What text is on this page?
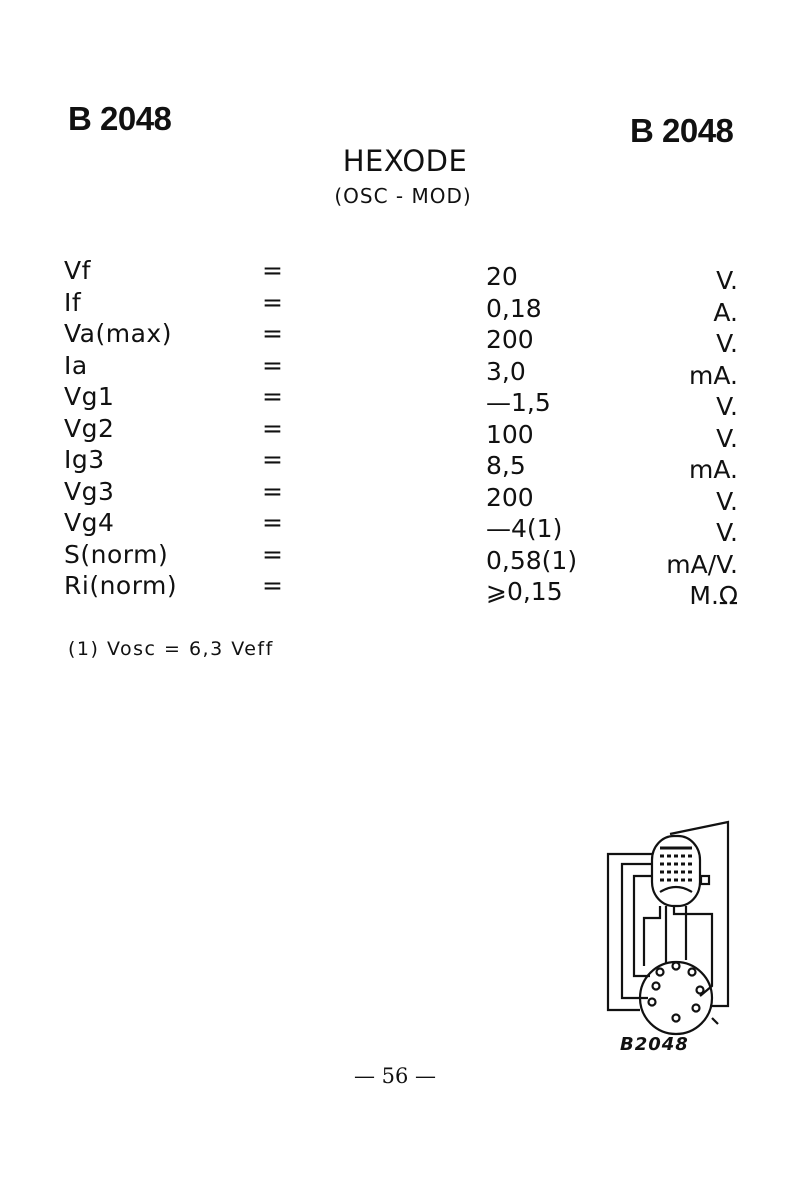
B 2048	B 2048
HEXODE
(OSC - MOD)
Vf	=	20	V.
If	=	0,18	A.
Va(max)	=	200	V.
Ia	=	3,0	mA.
Vg1	=	—1,5	V.
Vg2	=	100	V.
Ig3	=	8,5	mA.
Vg3	=	200	V.
Vg4	=	—4(1)	V.
S(norm)	=	0,58(1)	mA/V.
Ri(norm)	=	⩾0,15	M.Ω
(1) Vosc = 6,3 Veff
B2048
— 56 —
